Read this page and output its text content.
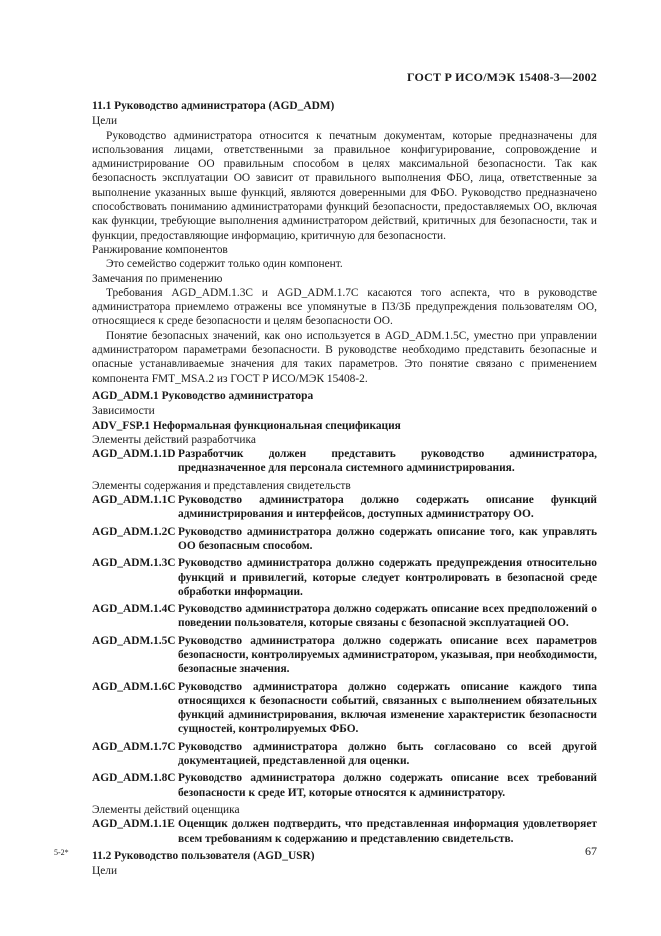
ГОСТ Р ИСО/МЭК 15408-3—2002
11.1 Руководство администратора (AGD_ADM)

Цели

Руководство администратора относится к печатным документам, которые предназначены для использования лицами, ответственными за правильное конфигурирование, сопровождение и администрирование ОО правильным способом в целях максимальной безопасности. Так как безопасность эксплуатации ОО зависит от правильного выполнения ФБО, лица, ответственные за выполнение указанных выше функций, являются доверенными для ФБО. Руководство предназначено способствовать пониманию администраторами функций безопасности, предоставляемых ОО, включая как функции, требующие выполнения администратором действий, критичных для безопасности, так и функции, предоставляющие информацию, критичную для безопасности.

Ранжирование компонентов

Это семейство содержит только один компонент.

Замечания по применению

Требования AGD_ADM.1.3C и AGD_ADM.1.7C касаются того аспекта, что в руководстве администратора приемлемо отражены все упомянутые в ПЗ/ЗБ предупреждения пользователям ОО, относящиеся к среде безопасности и целям безопасности ОО.

Понятие безопасных значений, как оно используется в AGD_ADM.1.5C, уместно при управлении администратором параметрами безопасности. В руководстве необходимо представить безопасные и опасные устанавливаемые значения для таких параметров. Это понятие связано с применением компонента FMT_MSA.2 из ГОСТ Р ИСО/МЭК 15408-2.

AGD_ADM.1 Руководство администратора

Зависимости

ADV_FSP.1 Неформальная функциональная спецификация

Элементы действий разработчика

AGD_ADM.1.1D Разработчик должен представить руководство администратора, предназначенное для персонала системного администрирования.

Элементы содержания и представления свидетельств

AGD_ADM.1.1C Руководство администратора должно содержать описание функций администрирования и интерфейсов, доступных администратору ОО.
AGD_ADM.1.2C Руководство администратора должно содержать описание того, как управлять ОО безопасным способом.
AGD_ADM.1.3C Руководство администратора должно содержать предупреждения относительно функций и привилегий, которые следует контролировать в безопасной среде обработки информации.
AGD_ADM.1.4C Руководство администратора должно содержать описание всех предположений о поведении пользователя, которые связаны с безопасной эксплуатацией ОО.
AGD_ADM.1.5C Руководство администратора должно содержать описание всех параметров безопасности, контролируемых администратором, указывая, при необходимости, безопасные значения.
AGD_ADM.1.6C Руководство администратора должно содержать описание каждого типа относящихся к безопасности событий, связанных с выполнением обязательных функций администрирования, включая изменение характеристик безопасности сущностей, контролируемых ФБО.
AGD_ADM.1.7C Руководство администратора должно быть согласовано со всей другой документацией, представленной для оценки.
AGD_ADM.1.8C Руководство администратора должно содержать описание всех требований безопасности к среде ИТ, которые относятся к администратору.

Элементы действий оценщика

AGD_ADM.1.1E Оценщик должен подтвердить, что представленная информация удовлетворяет всем требованиям к содержанию и представлению свидетельств.
11.2 Руководство пользователя (AGD_USR)

Цели

5-2*	67
